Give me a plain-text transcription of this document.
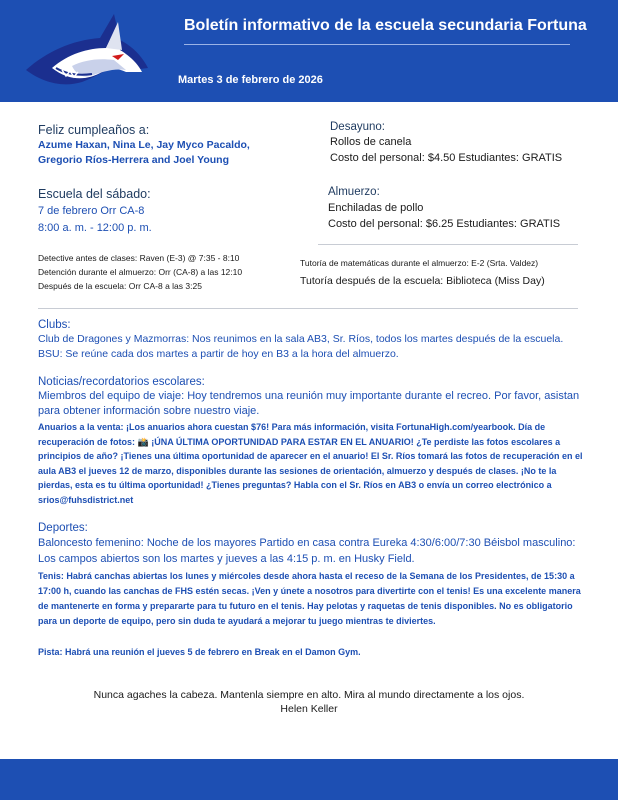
Boletín informativo de la escuela secundaria Fortuna
Martes 3 de febrero de 2026
Feliz cumpleaños a:
Azume Haxan, Nina Le, Jay Myco Pacaldo,
Gregorio Ríos-Herrera and Joel Young
Desayuno:
Rollos de canela
Costo del personal: $4.50 Estudiantes: GRATIS
Escuela del sábado:
7 de febrero Orr CA-8
8:00 a. m. - 12:00 p. m.
Almuerzo:
Enchiladas de pollo
Costo del personal: $6.25 Estudiantes: GRATIS
Detective antes de clases: Raven (E-3) @ 7:35 - 8:10
Detención durante el almuerzo: Orr (CA-8) a las 12:10
Después de la escuela: Orr CA-8 a las 3:25
Tutoría de matemáticas durante el almuerzo: E-2 (Srta. Valdez)
Tutoría después de la escuela: Biblioteca (Miss Day)
Clubs:
Club de Dragones y Mazmorras: Nos reunimos en la sala AB3, Sr. Ríos, todos los martes después de la escuela.
BSU: Se reúne cada dos martes a partir de hoy en B3 a la hora del almuerzo.
Noticias/recordatorios escolares:
Miembros del equipo de viaje: Hoy tendremos una reunión muy importante durante el recreo. Por favor, asistan para obtener información sobre nuestro viaje.
Anuarios a la venta: ¡Los anuarios ahora cuestan $76! Para más información, visita FortunaHigh.com/yearbook. Día de recuperación de fotos: 📸 ¡ÚNA ÚLTIMA OPORTUNIDAD PARA ESTAR EN EL ANUARIO! ¿Te perdiste las fotos escolares a principios de año? ¡Tienes una última oportunidad de aparecer en el anuario! El Sr. Ríos tomará las fotos de recuperación en el aula AB3 el jueves 12 de marzo, disponibles durante las sesiones de orientación, almuerzo y después de clases. ¡No te la pierdas, esta es tu última oportunidad! ¿Tienes preguntas? Habla con el Sr. Ríos en AB3 o envía un correo electrónico a srios@fuhsdistrict.net
Deportes:
Baloncesto femenino: Noche de los mayores Partido en casa contra Eureka 4:30/6:00/7:30 Béisbol masculino: Los campos abiertos son los martes y jueves a las 4:15 p. m. en Husky Field.
Tenis: Habrá canchas abiertas los lunes y miércoles desde ahora hasta el receso de la Semana de los Presidentes, de 15:30 a 17:00 h, cuando las canchas de FHS estén secas. ¡Ven y únete a nosotros para divertirte con el tenis! Es una excelente manera de mantenerte en forma y prepararte para tu futuro en el tenis. Hay pelotas y raquetas de tenis disponibles. No es obligatorio para un deporte de equipo, pero sin duda te ayudará a mejorar tu juego mientras te diviertes.
Pista: Habrá una reunión el jueves 5 de febrero en Break en el Damon Gym.
Nunca agaches la cabeza. Mantenla siempre en alto. Mira al mundo directamente a los ojos.
Helen Keller
